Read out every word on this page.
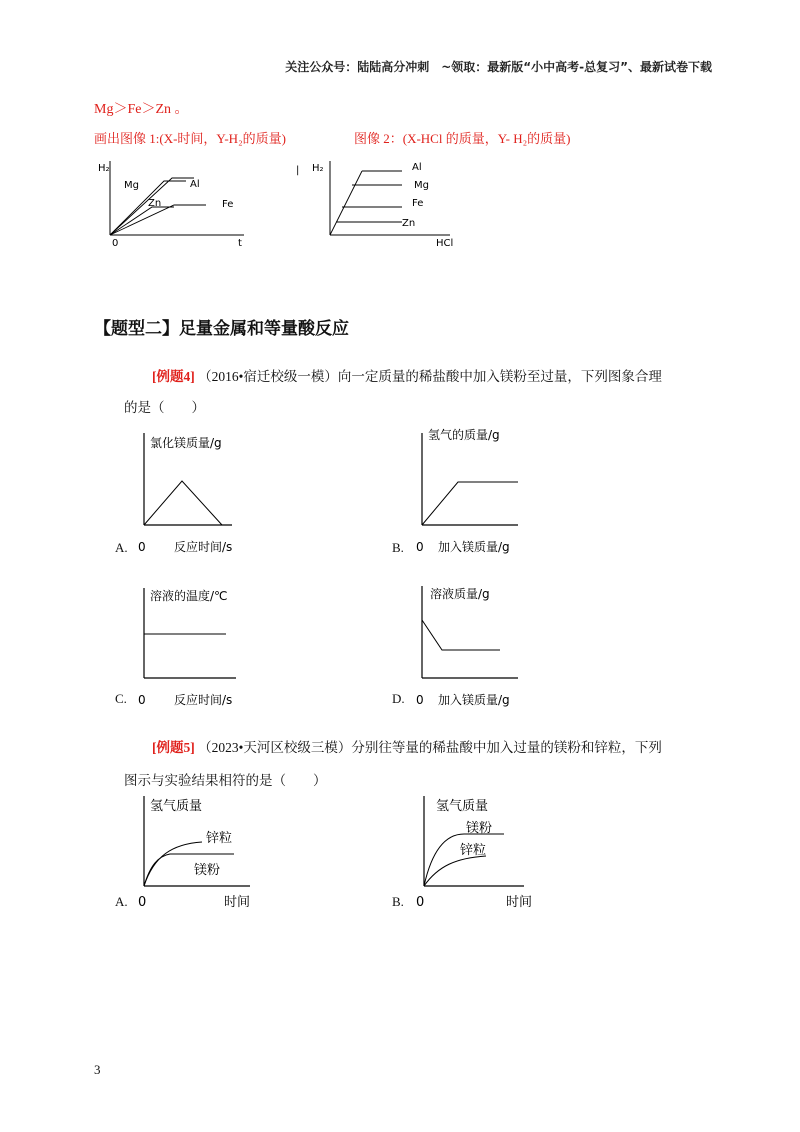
关注公众号：陆陆高分冲刺　~领取：最新版“小中高考-总复习”、最新试卷下载
Mg＞Fe＞Zn 。
画出图像 1:(X-时间，Y-H₂的质量)	图像 2：(X-HCl 的质量，Y- H₂的质量)
H₂
0	t
Mg	Al
Zn	Fe
| H₂
HCl
Al
Mg
Fe
Zn
【题型二】足量金属和等量酸反应
[例题4] （2016•宿迁校级一模）向一定质量的稀盐酸中加入镁粉至过量，下列图象合理
的是（　　）
A.
氯化镁质量/g
0 反应时间/s	B.
氢气的质量/g
0 加入镁质量/g
C.
溶液的温度/℃
0 反应时间/s	D.
溶液质量/g
0 加入镁质量/g
[例题5] （2023•天河区校级三模）分别往等量的稀盐酸中加入过量的镁粉和锌粒，下列
图示与实验结果相符的是（　　）
A.
氢气质量
0	时间
锌粒
镁粉
B.
氢气质量
0	时间
镁粉
锌粒
3
